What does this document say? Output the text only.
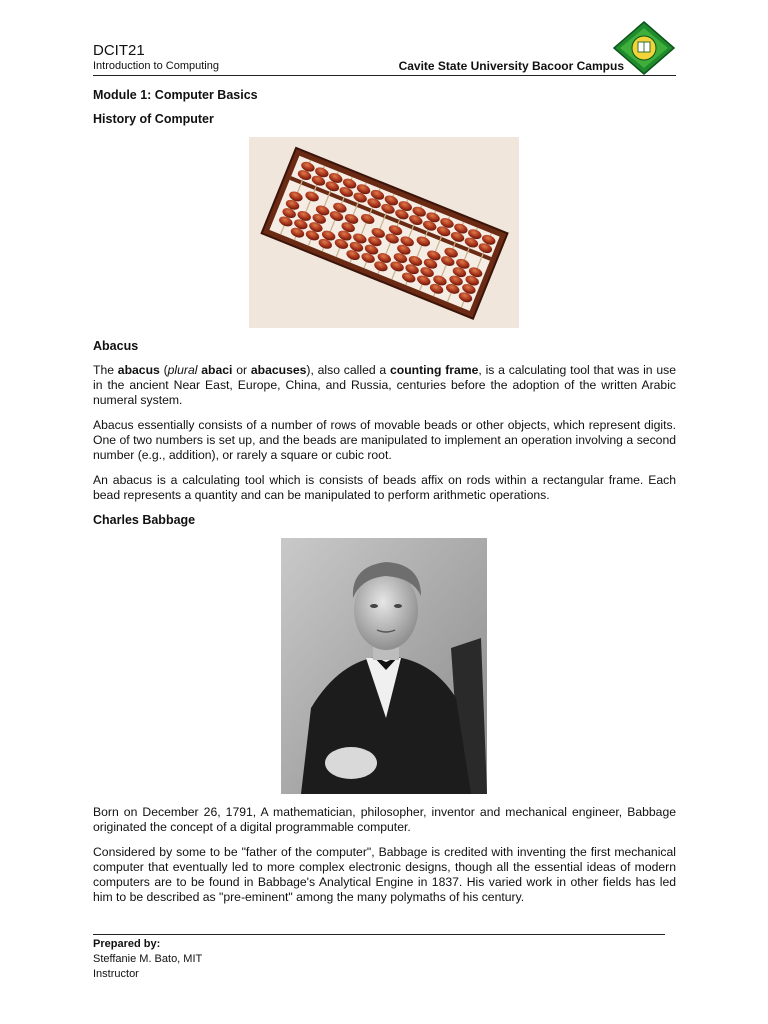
DCIT21
Introduction to Computing	Cavite State University Bacoor Campus
Module 1: Computer Basics
History of Computer
Abacus
The abacus (plural abaci or abacuses), also called a counting frame, is a calculating tool that was in use in the ancient Near East, Europe, China, and Russia, centuries before the adoption of the written Arabic numeral system.
Abacus essentially consists of a number of rows of movable beads or other objects, which represent digits. One of two numbers is set up, and the beads are manipulated to implement an operation involving a second number (e.g., addition), or rarely a square or cubic root.
An abacus is a calculating tool which is consists of beads affix on rods within a rectangular frame. Each bead represents a quantity and can be manipulated to perform arithmetic operations.
Charles Babbage
Born on December 26, 1791, A mathematician, philosopher, inventor and mechanical engineer, Babbage originated the concept of a digital programmable computer.
Considered by some to be "father of the computer", Babbage is credited with inventing the first mechanical computer that eventually led to more complex electronic designs, though all the essential ideas of modern computers are to be found in Babbage's Analytical Engine in 1837. His varied work in other fields has led him to be described as "pre-eminent" among the many polymaths of his century.
Prepared by:
Steffanie M. Bato, MIT
Instructor
